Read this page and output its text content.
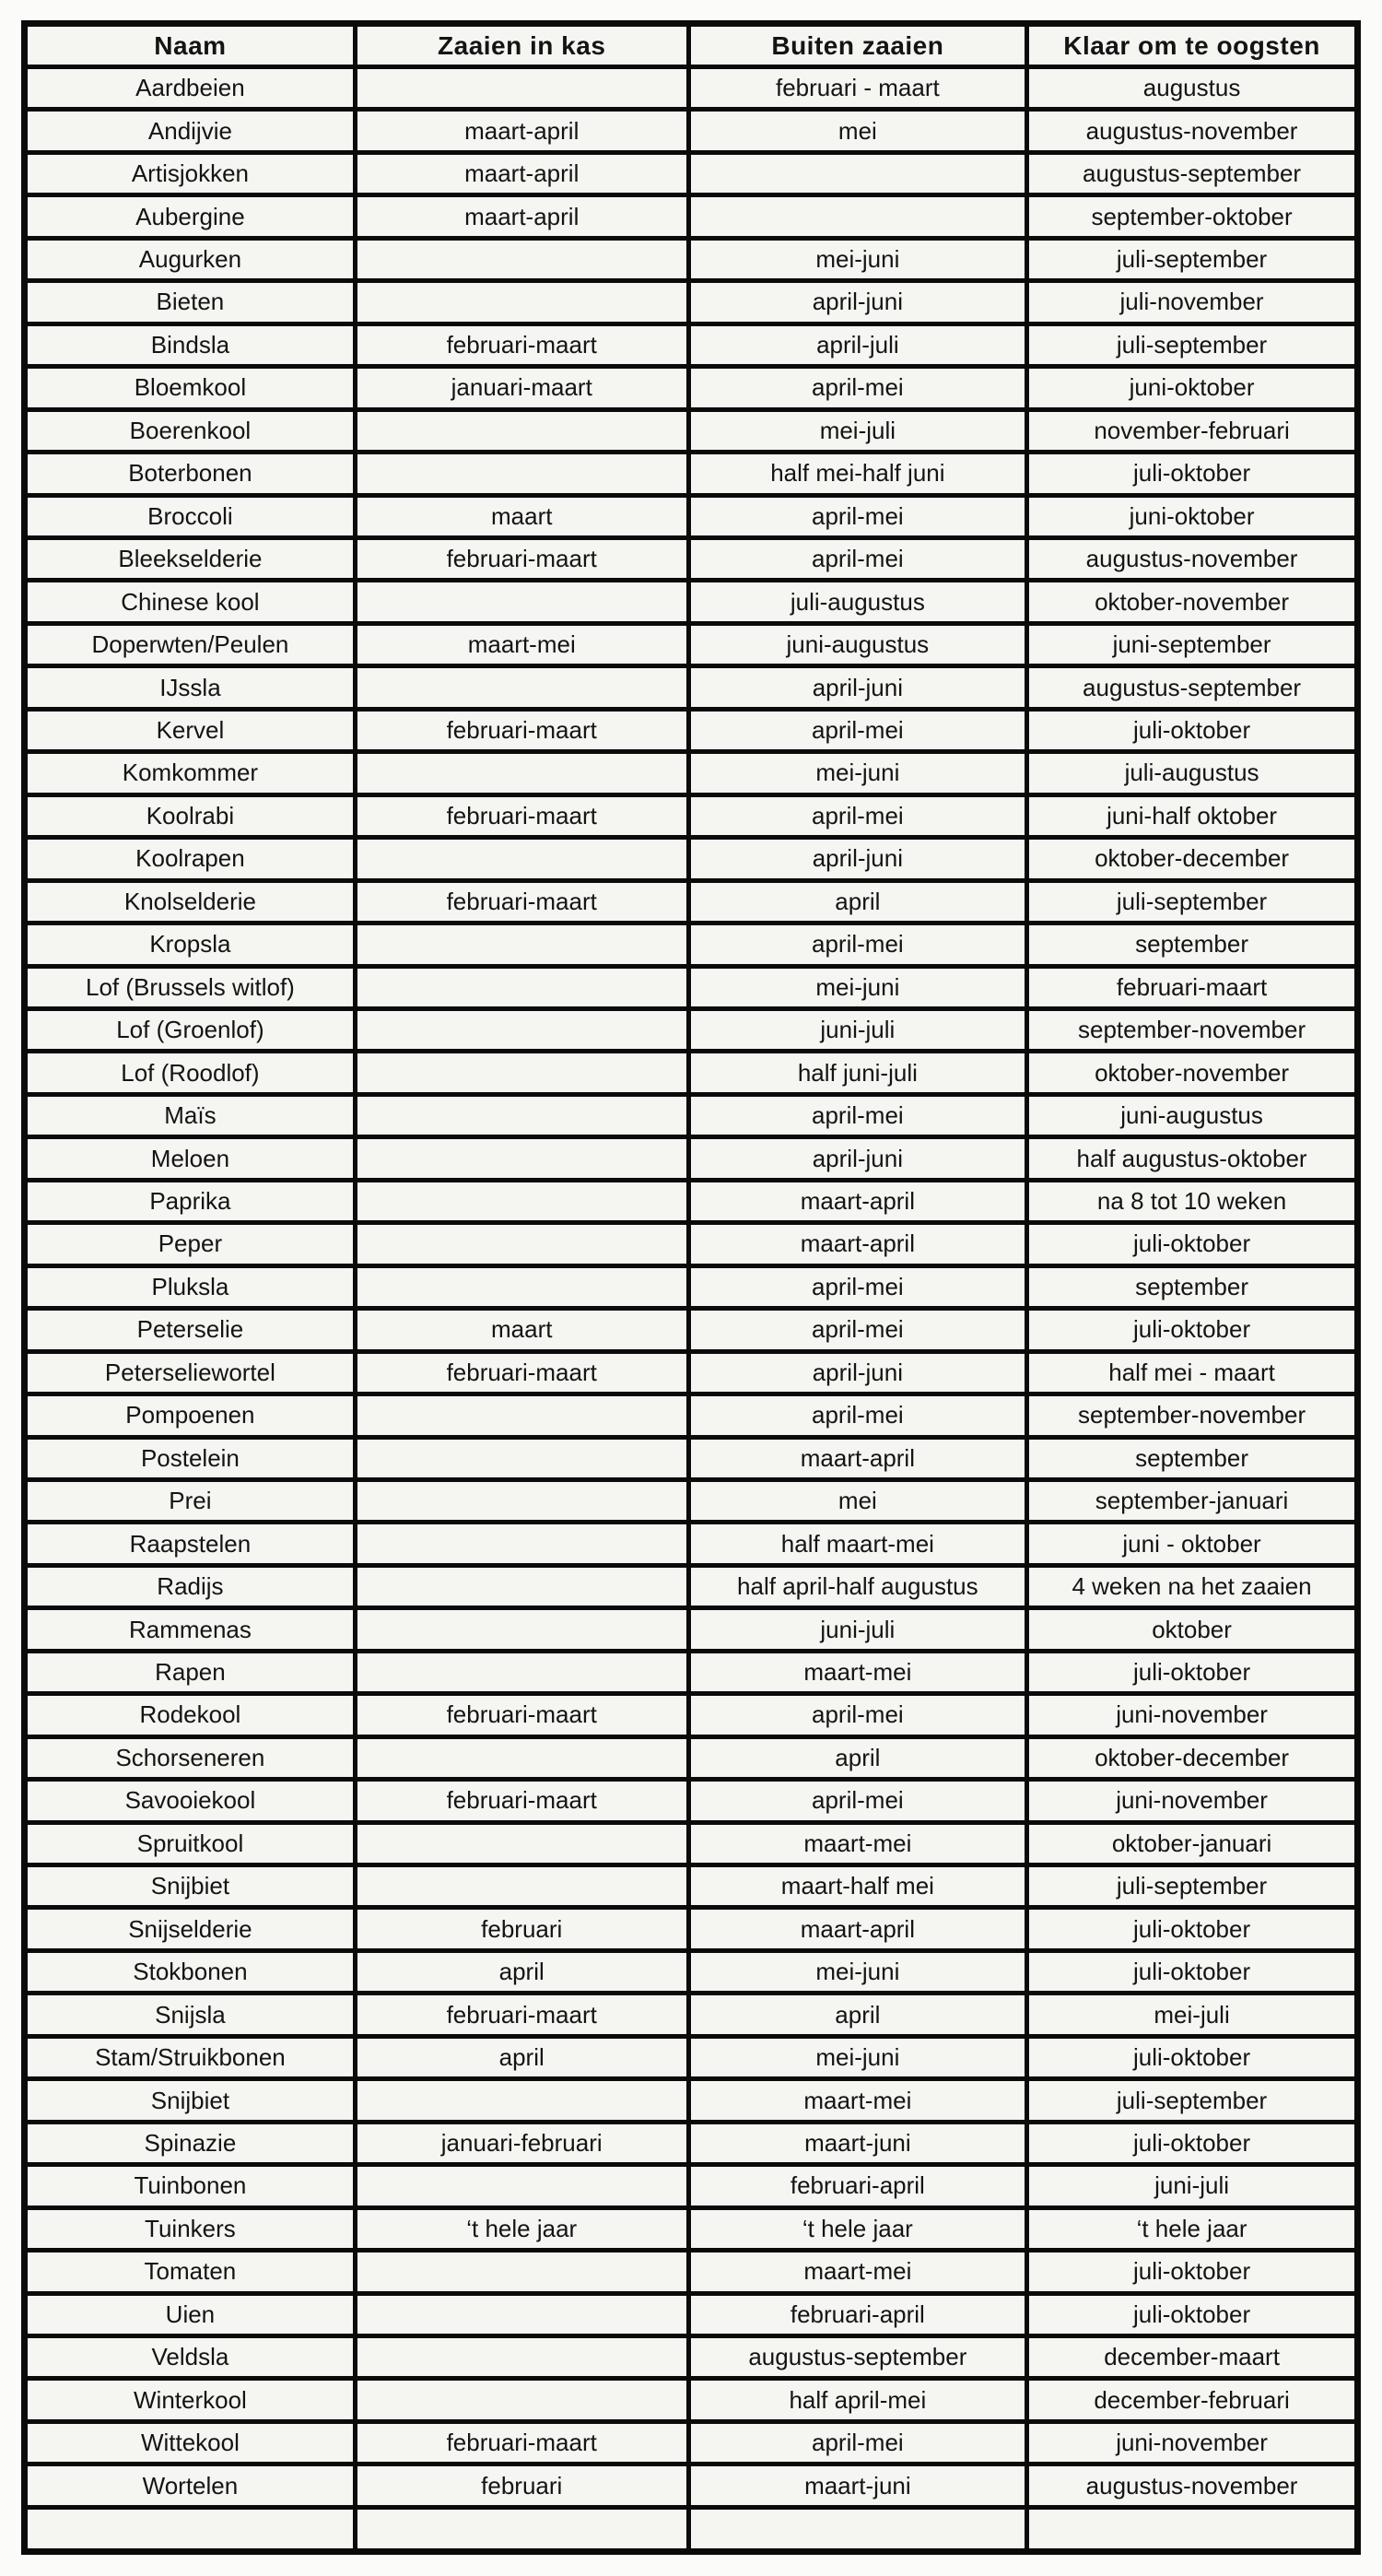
Naam	Zaaien in kas	Buiten zaaien	Klaar om te oogsten
Aardbeien		februari - maart	augustus
Andijvie	maart-april	mei	augustus-november
Artisjokken	maart-april		augustus-september
Aubergine	maart-april		september-oktober
Augurken		mei-juni	juli-september
Bieten		april-juni	juli-november
Bindsla	februari-maart	april-juli	juli-september
Bloemkool	januari-maart	april-mei	juni-oktober
Boerenkool		mei-juli	november-februari
Boterbonen		half mei-half juni	juli-oktober
Broccoli	maart	april-mei	juni-oktober
Bleekselderie	februari-maart	april-mei	augustus-november
Chinese kool		juli-augustus	oktober-november
Doperwten/Peulen	maart-mei	juni-augustus	juni-september
IJssla		april-juni	augustus-september
Kervel	februari-maart	april-mei	juli-oktober
Komkommer		mei-juni	juli-augustus
Koolrabi	februari-maart	april-mei	juni-half oktober
Koolrapen		april-juni	oktober-december
Knolselderie	februari-maart	april	juli-september
Kropsla		april-mei	september
Lof (Brussels witlof)		mei-juni	februari-maart
Lof (Groenlof)		juni-juli	september-november
Lof (Roodlof)		half juni-juli	oktober-november
Maïs		april-mei	juni-augustus
Meloen		april-juni	half augustus-oktober
Paprika		maart-april	na 8 tot 10 weken
Peper		maart-april	juli-oktober
Pluksla		april-mei	september
Peterselie	maart	april-mei	juli-oktober
Peterseliewortel	februari-maart	april-juni	half mei - maart
Pompoenen		april-mei	september-november
Postelein		maart-april	september
Prei		mei	september-januari
Raapstelen		half maart-mei	juni - oktober
Radijs		half april-half augustus	4 weken na het zaaien
Rammenas		juni-juli	oktober
Rapen		maart-mei	juli-oktober
Rodekool	februari-maart	april-mei	juni-november
Schorseneren		april	oktober-december
Savooiekool	februari-maart	april-mei	juni-november
Spruitkool		maart-mei	oktober-januari
Snijbiet		maart-half mei	juli-september
Snijselderie	februari	maart-april	juli-oktober
Stokbonen	april	mei-juni	juli-oktober
Snijsla	februari-maart	april	mei-juli
Stam/Struikbonen	april	mei-juni	juli-oktober
Snijbiet		maart-mei	juli-september
Spinazie	januari-februari	maart-juni	juli-oktober
Tuinbonen		februari-april	juni-juli
Tuinkers	‘t hele jaar	‘t hele jaar	‘t hele jaar
Tomaten		maart-mei	juli-oktober
Uien		februari-april	juli-oktober
Veldsla		augustus-september	december-maart
Winterkool		half april-mei	december-februari
Wittekool	februari-maart	april-mei	juni-november
Wortelen	februari	maart-juni	augustus-november
